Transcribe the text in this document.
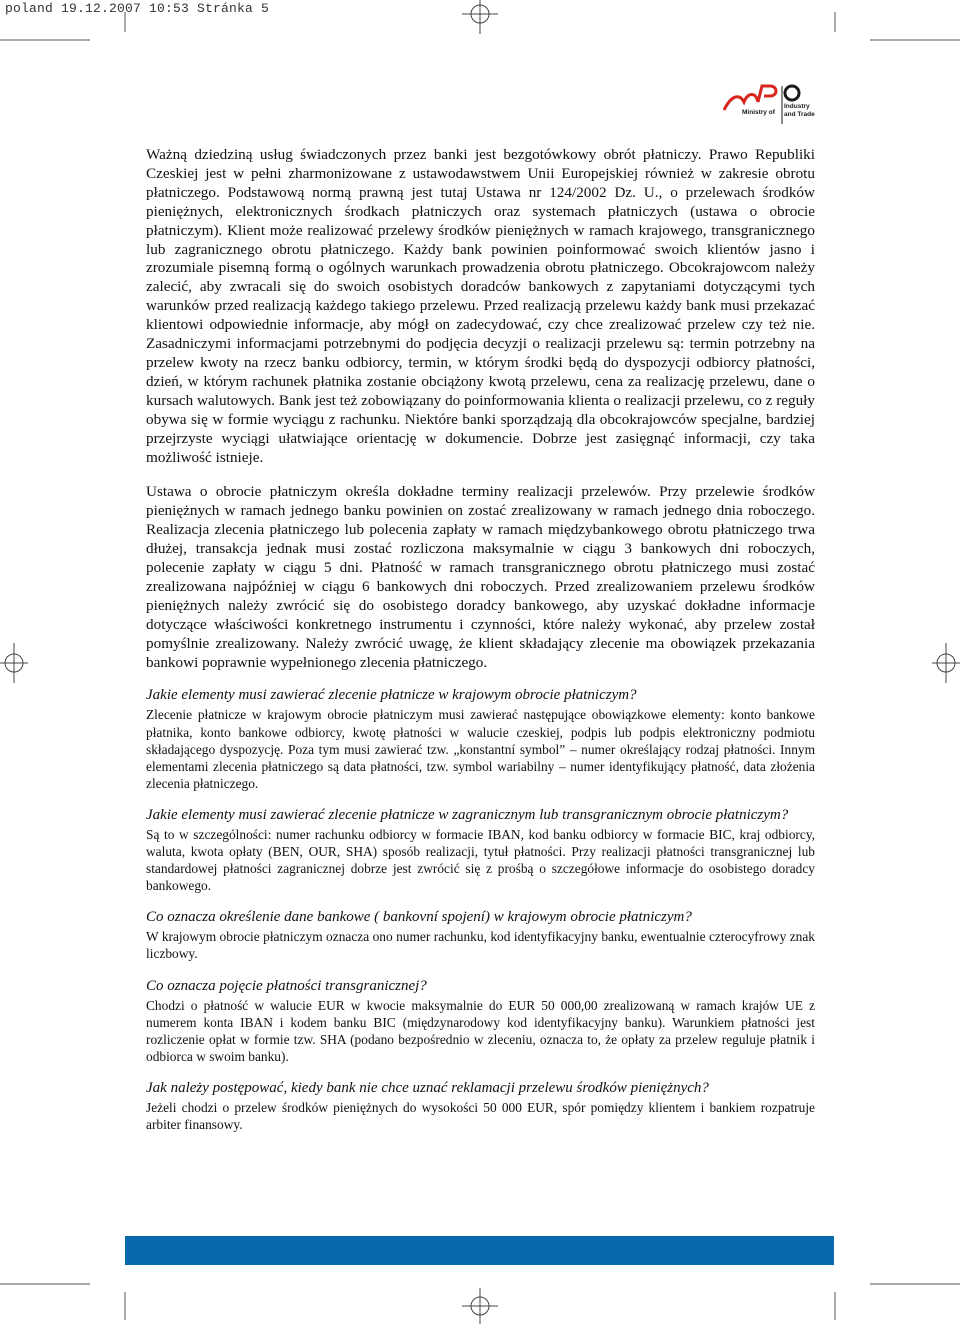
poland 19.12.2007 10:53 Stránka 5
Ministry of
Industry
and Trade

Ważną dziedziną usług świadczonych przez banki jest bezgotówkowy obrót płatniczy. Prawo Republiki Czeskiej jest w pełni zharmonizowane z ustawodawstwem Unii Europejskiej również w zakresie obrotu płatniczego. Podstawową normą prawną jest tutaj Ustawa nr 124/2002 Dz. U., o przelewach środków pieniężnych, elektronicznych środkach płatniczych oraz systemach płatniczych (ustawa o obrocie płatniczym). Klient może realizować przelewy środków pieniężnych w ramach krajowego, transgranicznego lub zagranicznego obrotu płatniczego. Każdy bank powinien poinformować swoich klientów jasno i zrozumiale pisemną formą o ogólnych warunkach prowadzenia obrotu płatniczego. Obcokrajowcom należy zalecić, aby zwracali się do swoich osobistych doradców bankowych z zapytaniami dotyczącymi tych warunków przed realizacją każdego takiego przelewu. Przed realizacją przelewu każdy bank musi przekazać klientowi odpowiednie informacje, aby mógł on zadecydować, czy chce zrealizować przelew czy też nie. Zasadniczymi informacjami potrzebnymi do podjęcia decyzji o realizacji przelewu są: termin potrzebny na przelew kwoty na rzecz banku odbiorcy, termin, w którym środki będą do dyspozycji odbiorcy płatności, dzień, w którym rachunek płatnika zostanie obciążony kwotą przelewu, cena za realizację przelewu, dane o kursach walutowych. Bank jest też zobowiązany do poinformowania klienta o realizacji przelewu, co z reguły obywa się w formie wyciągu z rachunku. Niektóre banki sporządzają dla obcokrajowców specjalne, bardziej przejrzyste wyciągi ułatwiające orientację w dokumencie. Dobrze jest zasięgnąć informacji, czy taka możliwość istnieje.

Ustawa o obrocie płatniczym określa dokładne terminy realizacji przelewów. Przy przelewie środków pieniężnych w ramach jednego banku powinien on zostać zrealizowany w ramach jednego dnia roboczego. Realizacja zlecenia płatniczego lub polecenia zapłaty w ramach międzybankowego obrotu płatniczego trwa dłużej, transakcja jednak musi zostać rozliczona maksymalnie w ciągu 3 bankowych dni roboczych, polecenie zapłaty w ciągu 5 dni. Płatność w ramach transgranicznego obrotu płatniczego musi zostać zrealizowana najpóźniej w ciągu 6 bankowych dni roboczych. Przed zrealizowaniem przelewu środków pieniężnych należy zwrócić się do osobistego doradcy bankowego, aby uzyskać dokładne informacje dotyczące właściwości konkretnego instrumentu i czynności, które należy wykonać, aby przelew został pomyślnie zrealizowany. Należy zwrócić uwagę, że klient składający zlecenie ma obowiązek przekazania bankowi poprawnie wypełnionego zlecenia płatniczego.

Jakie elementy musi zawierać zlecenie płatnicze w krajowym obrocie płatniczym?

Zlecenie płatnicze w krajowym obrocie płatniczym musi zawierać następujące obowiązkowe elementy: konto bankowe płatnika, konto bankowe odbiorcy, kwotę płatności w walucie czeskiej, podpis lub podpis elektroniczny podmiotu składającego dyspozycję. Poza tym musi zawierać tzw. „konstantní symbol” – numer określający rodzaj płatności. Innym elementami zlecenia płatniczego są data płatności, tzw. symbol wariabilny – numer identyfikujący płatność, data złożenia zlecenia płatniczego.

Jakie elementy musi zawierać zlecenie płatnicze w zagranicznym lub transgranicznym obrocie płatniczym?

Są to w szczególności: numer rachunku odbiorcy w formacie IBAN, kod banku odbiorcy w formacie BIC, kraj odbiorcy, waluta, kwota opłaty (BEN, OUR, SHA) sposób realizacji, tytuł płatności. Przy realizacji płatności transgranicznej lub standardowej płatności zagranicznej dobrze jest zwrócić się z prośbą o szczegółowe informacje do osobistego doradcy bankowego.

Co oznacza określenie dane bankowe ( bankovní spojení) w krajowym obrocie płatniczym?

W krajowym obrocie płatniczym oznacza ono numer rachunku, kod identyfikacyjny banku, ewentualnie czterocyfrowy znak liczbowy.

Co oznacza pojęcie płatności transgranicznej?

Chodzi o płatność w walucie EUR w kwocie maksymalnie do EUR 50 000,00 zrealizowaną w ramach krajów UE z numerem konta IBAN i kodem banku BIC (międzynarodowy kod identyfikacyjny banku). Warunkiem płatności jest rozliczenie opłat w formie tzw. SHA (podano bezpośrednio w zleceniu, oznacza to, że opłaty za przelew reguluje płatnik i odbiorca w swoim banku).

Jak należy postępować, kiedy bank nie chce uznać reklamacji przelewu środków pieniężnych?

Jeżeli chodzi o przelew środków pieniężnych do wysokości 50 000 EUR, spór pomiędzy klientem i bankiem rozpatruje arbiter finansowy.
